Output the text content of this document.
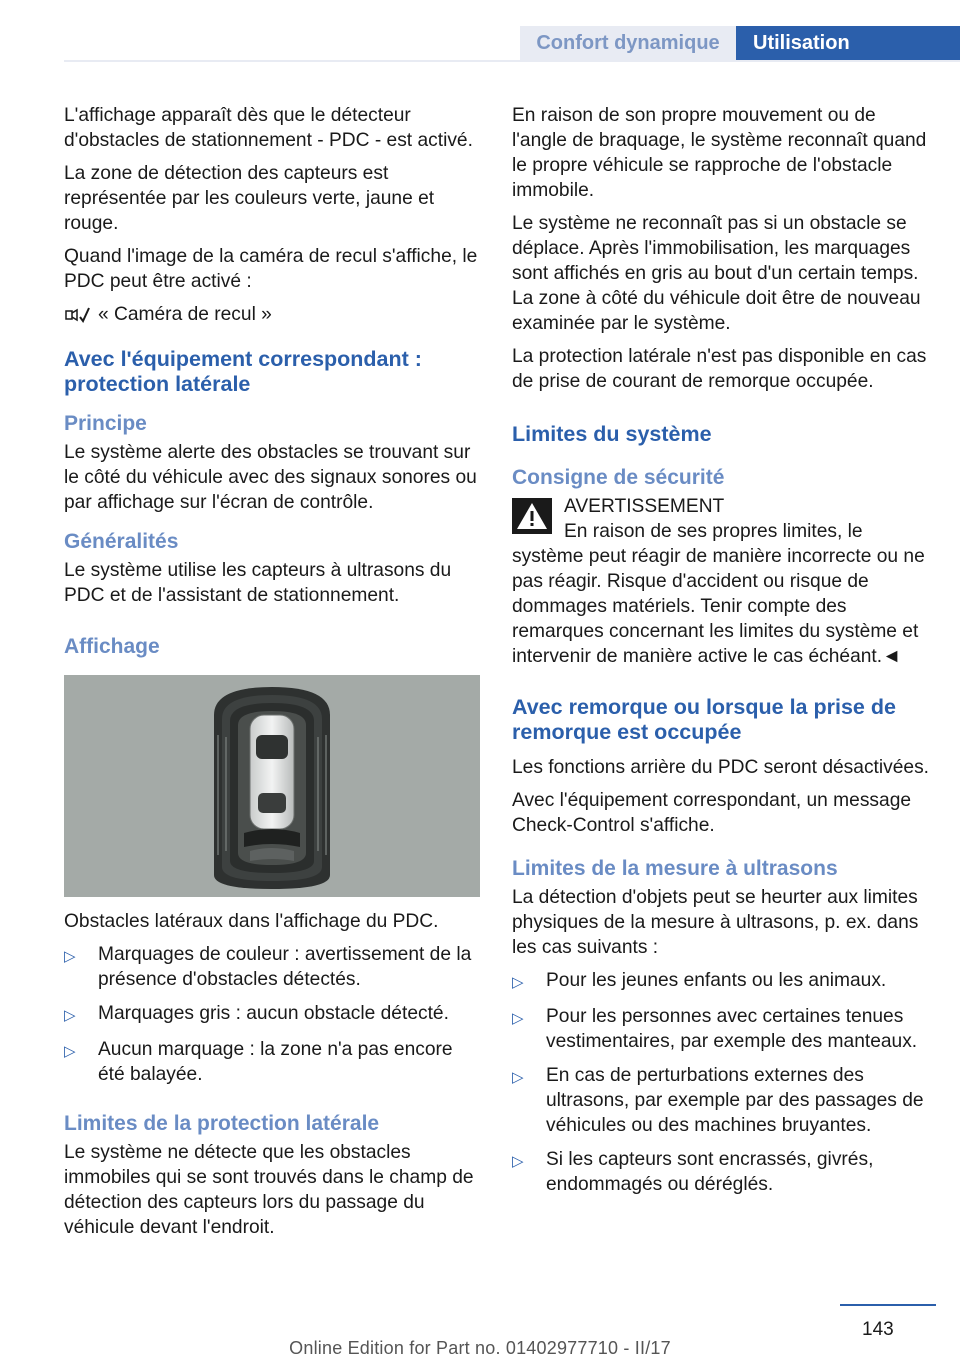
Confort dynamique	Utilisation

L'affichage apparaît dès que le détecteur d'obstacles de stationnement - PDC - est activé.

La zone de détection des capteurs est représentée par les couleurs verte, jaune et rouge.

Quand l'image de la caméra de recul s'affiche, le PDC peut être activé :

« Caméra de recul »
Avec l'équipement correspondant : protection latérale
Principe

Le système alerte des obstacles se trouvant sur le côté du véhicule avec des signaux sonores ou par affichage sur l'écran de contrôle.

Généralités

Le système utilise les capteurs à ultrasons du PDC et de l'assistant de stationnement.

Affichage

Obstacles latéraux dans l'affichage du PDC.

▷	Marquages de couleur : avertissement de la présence d'obstacles détectés.
▷	Marquages gris : aucun obstacle détecté.
▷	Aucun marquage : la zone n'a pas encore été balayée.
Limites de la protection latérale

Le système ne détecte que les obstacles immobiles qui se sont trouvés dans le champ de détection des capteurs lors du passage du véhicule devant l'endroit.

En raison de son propre mouvement ou de l'angle de braquage, le système reconnaît quand le propre véhicule se rapproche de l'obstacle immobile.

Le système ne reconnaît pas si un obstacle se déplace. Après l'immobilisation, les marquages sont affichés en gris au bout d'un certain temps. La zone à côté du véhicule doit être de nouveau examinée par le système.

La protection latérale n'est pas disponible en cas de prise de courant de remorque occupée.

Limites du système
Consigne de sécurité

AVERTISSEMENT

En raison de ses propres limites, le système peut réagir de manière incorrecte ou ne pas réagir. Risque d'accident ou risque de dommages matériels. Tenir compte des remarques concernant les limites du système et intervenir de manière active le cas échéant.◄

Avec remorque ou lorsque la prise de remorque est occupée

Les fonctions arrière du PDC seront désactivées.

Avec l'équipement correspondant, un message Check-Control s'affiche.

Limites de la mesure à ultrasons

La détection d'objets peut se heurter aux limites physiques de la mesure à ultrasons, p. ex. dans les cas suivants :

▷	Pour les jeunes enfants ou les animaux.
▷	Pour les personnes avec certaines tenues vestimentaires, par exemple des manteaux.
▷	En cas de perturbations externes des ultrasons, par exemple par des passages de véhicules ou des machines bruyantes.
▷	Si les capteurs sont encrassés, givrés, endommagés ou déréglés.
143
Online Edition for Part no. 01402977710 - II/17
